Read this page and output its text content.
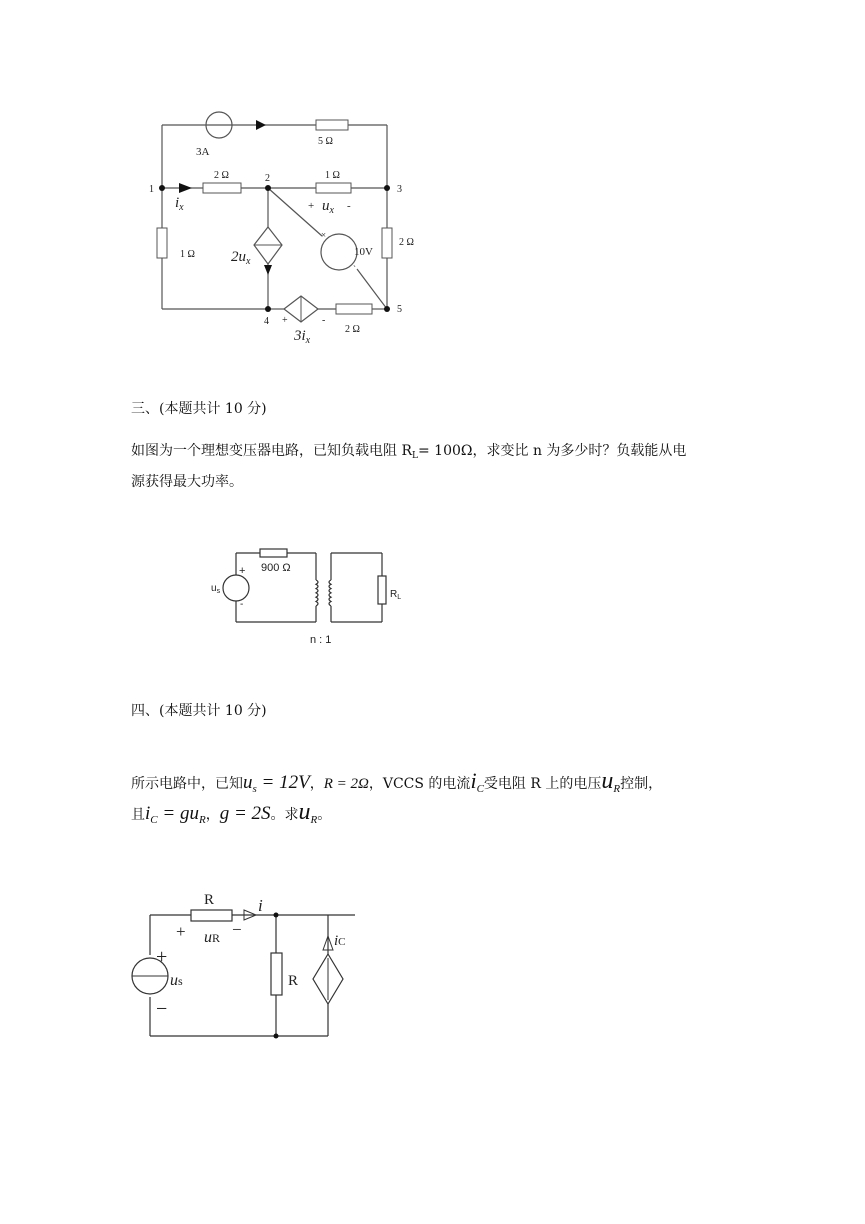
3A
5 Ω
2 Ω	1 Ω
1 Ω
2 Ω
2 Ω
1
2
3
4
5
$i_x$	+ $u_x$ -
$2u_x$
10V
×
`
+	-
$3i_x$
三、(本题共计 10 分)
如图为一个理想变压器电路，已知负载电阻 $R_L= 100\Omega$，求变比 n 为多少时？负载能从电
源获得最大功率。
900 Ω
+
-
$u_s$	$R_L$
n : 1
四、(本题共计 10 分)
所示电路中，已知$u_s = 12V$，R = 2Ω，VCCS 的电流$i_C$受电阻 R 上的电压$u_R$控制，
且$i_C = gu_R$，g = 2S。求$u_R$。
R	i
+	−
uR
+
−
us	R
iC
